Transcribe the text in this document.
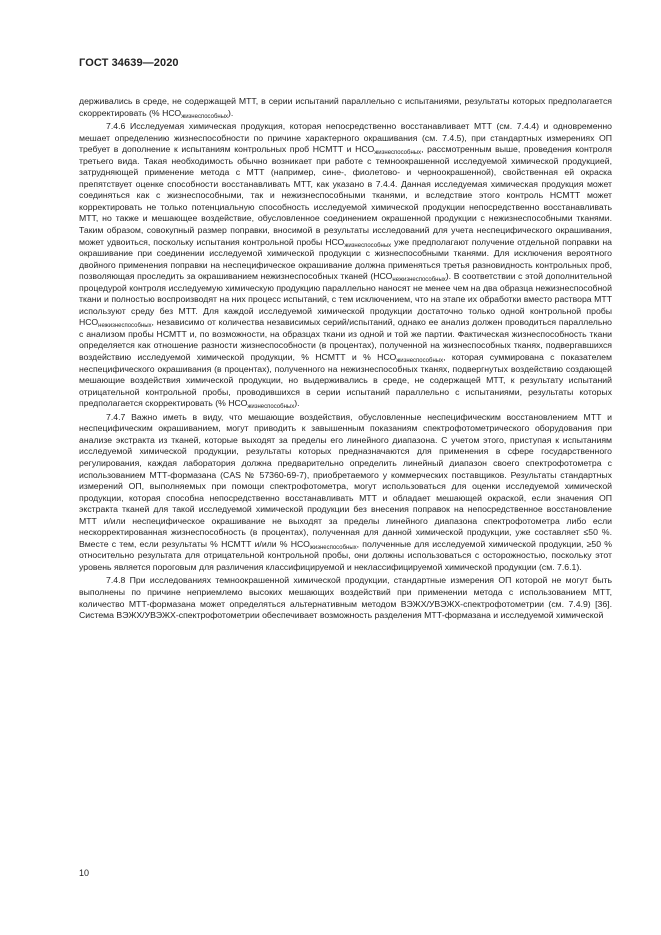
ГОСТ 34639—2020

держивались в среде, не содержащей МТТ, в серии испытаний параллельно с испытаниями, результаты которых предполагается скорректировать (% $НСО_{жизнеспособных}$).

7.4.6 Исследуемая химическая продукция, которая непосредственно восстанавливает МТТ (см. 7.4.4) и одновременно мешает определению жизнеспособности по причине характерного окрашивания (см. 7.4.5), при стандартных измерениях ОП требует в дополнение к испытаниям контрольных проб НСМТТ и $НСО_{жизнеспособных}$, рассмотренным выше, проведения контроля третьего вида. Такая необходимость обычно возникает при работе с темноокрашенной исследуемой химической продукцией, затрудняющей применение метода с МТТ (например, сине-, фиолетово- и черноокрашенной), свойственная ей окраска препятствует оценке способности восстанавливать МТТ, как указано в 7.4.4. Данная исследуемая химическая продукция может соединяться как с жизнеспособными, так и нежизнеспособными тканями, и вследствие этого контроль НСМТТ может корректировать не только потенциальную способность исследуемой химической продукции непосредственно восстанавливать МТТ, но также и мешающее воздействие, обусловленное соединением окрашенной продукции с нежизнеспособными тканями. Таким образом, совокупный размер поправки, вносимой в результаты исследований для учета неспецифического окрашивания, может удвоиться, поскольку испытания контрольной пробы $НСО_{жизнеспособных}$ уже предполагают получение отдельной поправки на окрашивание при соединении исследуемой химической продукции с жизнеспособными тканями. Для исключения вероятного двойного применения поправки на неспецифическое окрашивание должна применяться третья разновидность контрольных проб, позволяющая проследить за окрашиванием нежизнеспособных тканей $(НСО_{нежизнеспособных})$. В соответствии с этой дополнительной процедурой контроля исследуемую химическую продукцию параллельно наносят не менее чем на два образца нежизнеспособной ткани и полностью воспроизводят на них процесс испытаний, с тем исключением, что на этапе их обработки вместо раствора МТТ используют среду без МТТ. Для каждой исследуемой химической продукции достаточно только одной контрольной пробы $НСО_{нежизнеспособных}$, независимо от количества независимых серий/испытаний, однако ее анализ должен проводиться параллельно с анализом пробы НСМТТ и, по возможности, на образцах ткани из одной и той же партии. Фактическая жизнеспособность ткани определяется как отношение разности жизнеспособности (в процентах), полученной на жизнеспособных тканях, подвергавшихся воздействию исследуемой химической продукции, % НСМТТ и % $НСО_{жизнеспособных}$, которая суммирована с показателем неспецифического окрашивания (в процентах), полученного на нежизнеспособных тканях, подвергнутых воздействию создающей мешающие воздействия химической продукции, но выдерживались в среде, не содержащей МТТ, к результату испытаний отрицательной контрольной пробы, проводившихся в серии испытаний параллельно с испытаниями, результаты которых предполагается скорректировать (% $НСО_{жизнеспособных}$).

7.4.7 Важно иметь в виду, что мешающие воздействия, обусловленные неспецифическим восстановлением МТТ и неспецифическим окрашиванием, могут приводить к завышенным показаниям спектрофотометрического оборудования при анализе экстракта из тканей, которые выходят за пределы его линейного диапазона. С учетом этого, приступая к испытаниям исследуемой химической продукции, результаты которых предназначаются для применения в сфере государственного регулирования, каждая лаборатория должна предварительно определить линейный диапазон своего спектрофотометра с использованием МТТ-формазана (CAS № 57360-69-7), приобретаемого у коммерческих поставщиков. Результаты стандартных измерений ОП, выполняемых при помощи спектрофотометра, могут использоваться для оценки исследуемой химической продукции, которая способна непосредственно восстанавливать МТТ и обладает мешающей окраской, если значения ОП экстракта тканей для такой исследуемой химической продукции без внесения поправок на непосредственное восстановление МТТ и/или неспецифическое окрашивание не выходят за пределы линейного диапазона спектрофотометра либо если нескорректированная жизнеспособность (в процентах), полученная для данной химической продукции, уже составляет ≤50 %. Вместе с тем, если результаты % НСМТТ и/или % $НСО_{жизнеспособных}$, полученные для исследуемой химической продукции, ≥50 % относительно результата для отрицательной контрольной пробы, они должны использоваться с осторожностью, поскольку этот уровень является пороговым для различения классифицируемой и неклассифицируемой химической продукции (см. 7.6.1).

7.4.8 При исследованиях темноокрашенной химической продукции, стандартные измерения ОП которой не могут быть выполнены по причине неприемлемо высоких мешающих воздействий при применении метода с использованием МТТ, количество МТТ-формазана может определяться альтернативным методом ВЭЖХ/УВЭЖХ-спектрофотометрии (см. 7.4.9) [36]. Система ВЭЖХ/УВЭЖХ-спектрофотометрии обеспечивает возможность разделения МТТ-формазана и исследуемой химической

10
